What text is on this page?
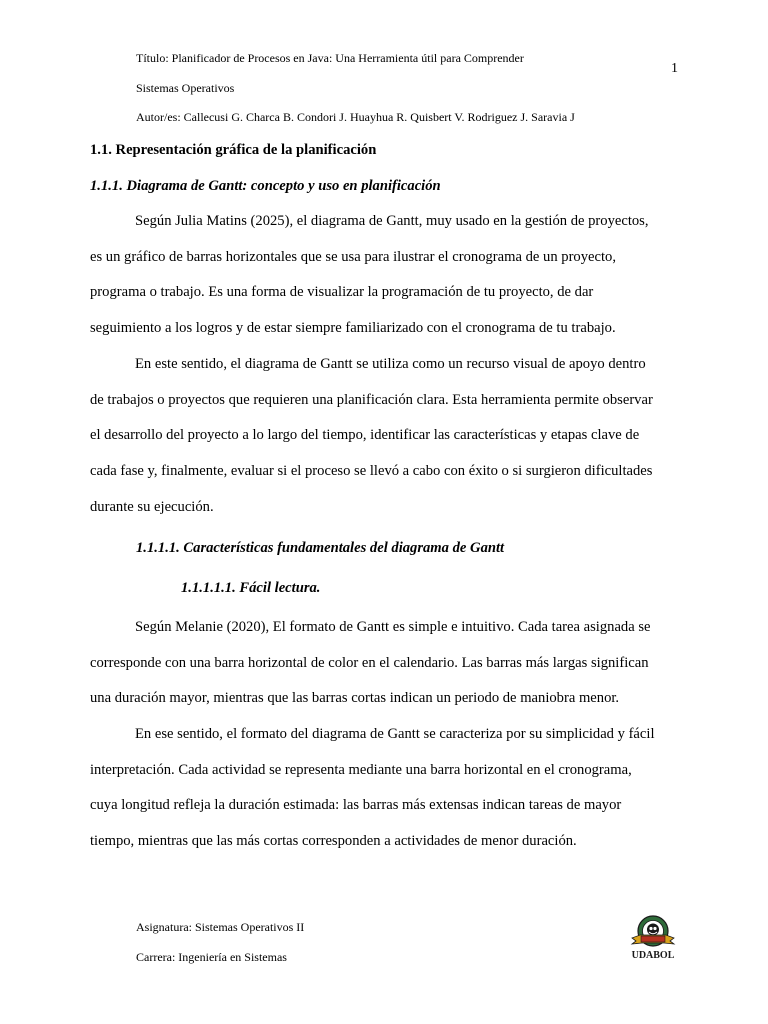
Título: Planificador de Procesos en Java: Una Herramienta útil para Comprender
Sistemas Operativos
Autor/es: Callecusi G. Charca B. Condori J. Huayhua R. Quisbert V. Rodriguez J. Saravia J
1
1.1. Representación gráfica de la planificación
1.1.1. Diagrama de Gantt: concepto y uso en planificación
Según Julia Matins (2025), el diagrama de Gantt, muy usado en la gestión de proyectos,
es un gráfico de barras horizontales que se usa para ilustrar el cronograma de un proyecto,
programa o trabajo. Es una forma de visualizar la programación de tu proyecto, de dar
seguimiento a los logros y de estar siempre familiarizado con el cronograma de tu trabajo.
En este sentido, el diagrama de Gantt se utiliza como un recurso visual de apoyo dentro
de trabajos o proyectos que requieren una planificación clara. Esta herramienta permite observar
el desarrollo del proyecto a lo largo del tiempo, identificar las características y etapas clave de
cada fase y, finalmente, evaluar si el proceso se llevó a cabo con éxito o si surgieron dificultades
durante su ejecución.
1.1.1.1. Características fundamentales del diagrama de Gantt
1.1.1.1.1. Fácil lectura.
Según Melanie (2020), El formato de Gantt es simple e intuitivo. Cada tarea asignada se
corresponde con una barra horizontal de color en el calendario. Las barras más largas significan
una duración mayor, mientras que las barras cortas indican un periodo de maniobra menor.
En ese sentido, el formato del diagrama de Gantt se caracteriza por su simplicidad y fácil
interpretación. Cada actividad se representa mediante una barra horizontal en el cronograma,
cuya longitud refleja la duración estimada: las barras más extensas indican tareas de mayor
tiempo, mientras que las más cortas corresponden a actividades de menor duración.
Asignatura: Sistemas Operativos II
Carrera: Ingeniería en Sistemas	UDABOL
